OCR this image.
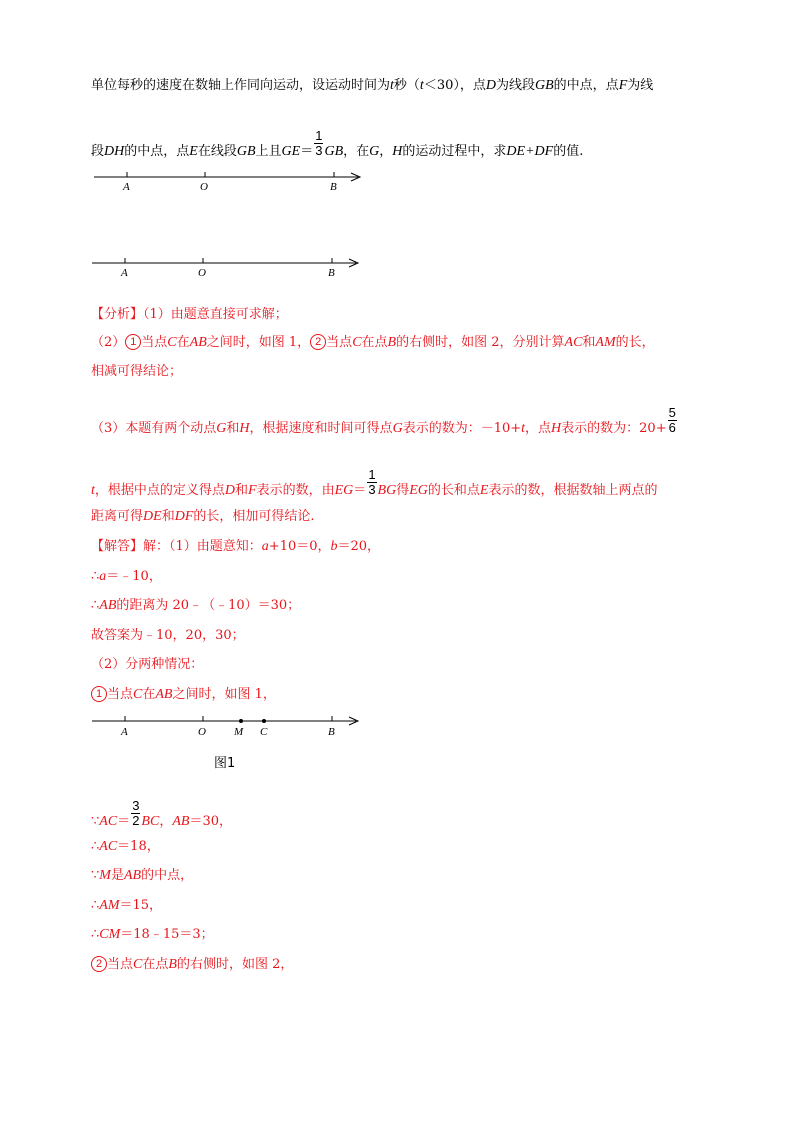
单位每秒的速度在数轴上作同向运动，设运动时间为t秒（t＜30），点D为线段GB的中点，点F为线
段DH的中点，点E在线段GB上且$GE= \frac{1}{3}$ GB，在G，H的运动过程中，求DE+DF的值.
A	O	B
A	O	B
【分析】（1）由题意直接可求解；
（2） 1 当点C在AB之间时，如图 1， 2 当点C在点B的右侧时，如图 2，分别计算AC和AM的长，
相减可得结论；
（3）本题有两个动点G和H，根据速度和时间可得点G表示的数为：－10+t，点H表示的数为：$20+ \frac{5}{6}$
t，根据中点的定义得点D和F表示的数，由$EG= \frac{1}{3}$ BG得EG的长和点E表示的数，根据数轴上两点的
距离可得DE和DF的长，相加可得结论.
【解答】解：（1）由题意知：a+10＝0，b＝20，
∴a＝﹣10，
∴AB的距离为 20﹣（﹣10）＝30；
故答案为﹣10，20，30；
（2）分两种情况：
1 当点C在AB之间时，如图 1，
A	O	M C	B
图1
∵AC＝ $\frac{3}{2}$ BC，AB＝30，
∴AC＝18，
∵M是AB的中点，
∴AM＝15，
∴CM＝18﹣15＝3；
2 当点C在点B的右侧时，如图 2，
